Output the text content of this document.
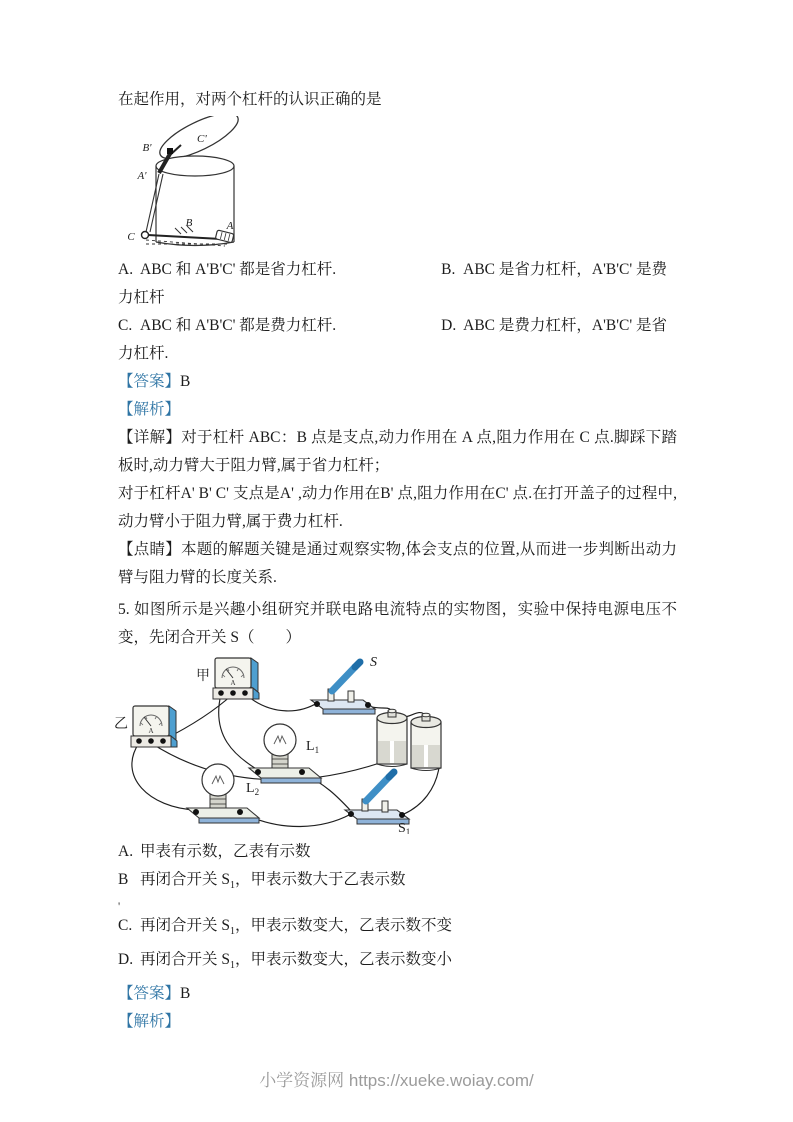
在起作用，对两个杠杆的认识正确的是
C'
B'
A'
C
B	A

A. ABC 和 A'B'C' 都是省力杠杆.	B. ABC 是省力杠杆，A'B'C' 是费力杠杆

C. ABC 和 A'B'C' 都是费力杠杆.	D. ABC 是费力杠杆，A'B'C' 是省力杠杆.

【答案】B
【解析】

【详解】对于杠杆 ABC：B 点是支点,动力作用在 A 点,阻力作用在 C 点.脚踩下踏板时,动力臂大于阻力臂,属于省力杠杆；

对于杠杆A' B' C' 支点是A' ,动力作用在B' 点,阻力作用在C' 点.在打开盖子的过程中,动力臂小于阻力臂,属于费力杠杆.

【点睛】本题的解题关键是通过观察实物,体会支点的位置,从而进一步判断出动力臂与阻力臂的长度关系.

5. 如图所示是兴趣小组研究并联电路电流特点的实物图，实验中保持电源电压不变，先闭合开关 S（　　）

A	甲
乙
S
$L_1$
$L_2$
$S_1$
A. 甲表有示数，乙表有示数
B 再闭合开关 $S_1$，甲表示数大于乙表示数
'
C. 再闭合开关 $S_1$，甲表示数变大，乙表示数不变
D. 再闭合开关 $S_1$，甲表示数变大，乙表示数变小
【答案】B
【解析】
小学资源网 https://xueke.woiay.com/
